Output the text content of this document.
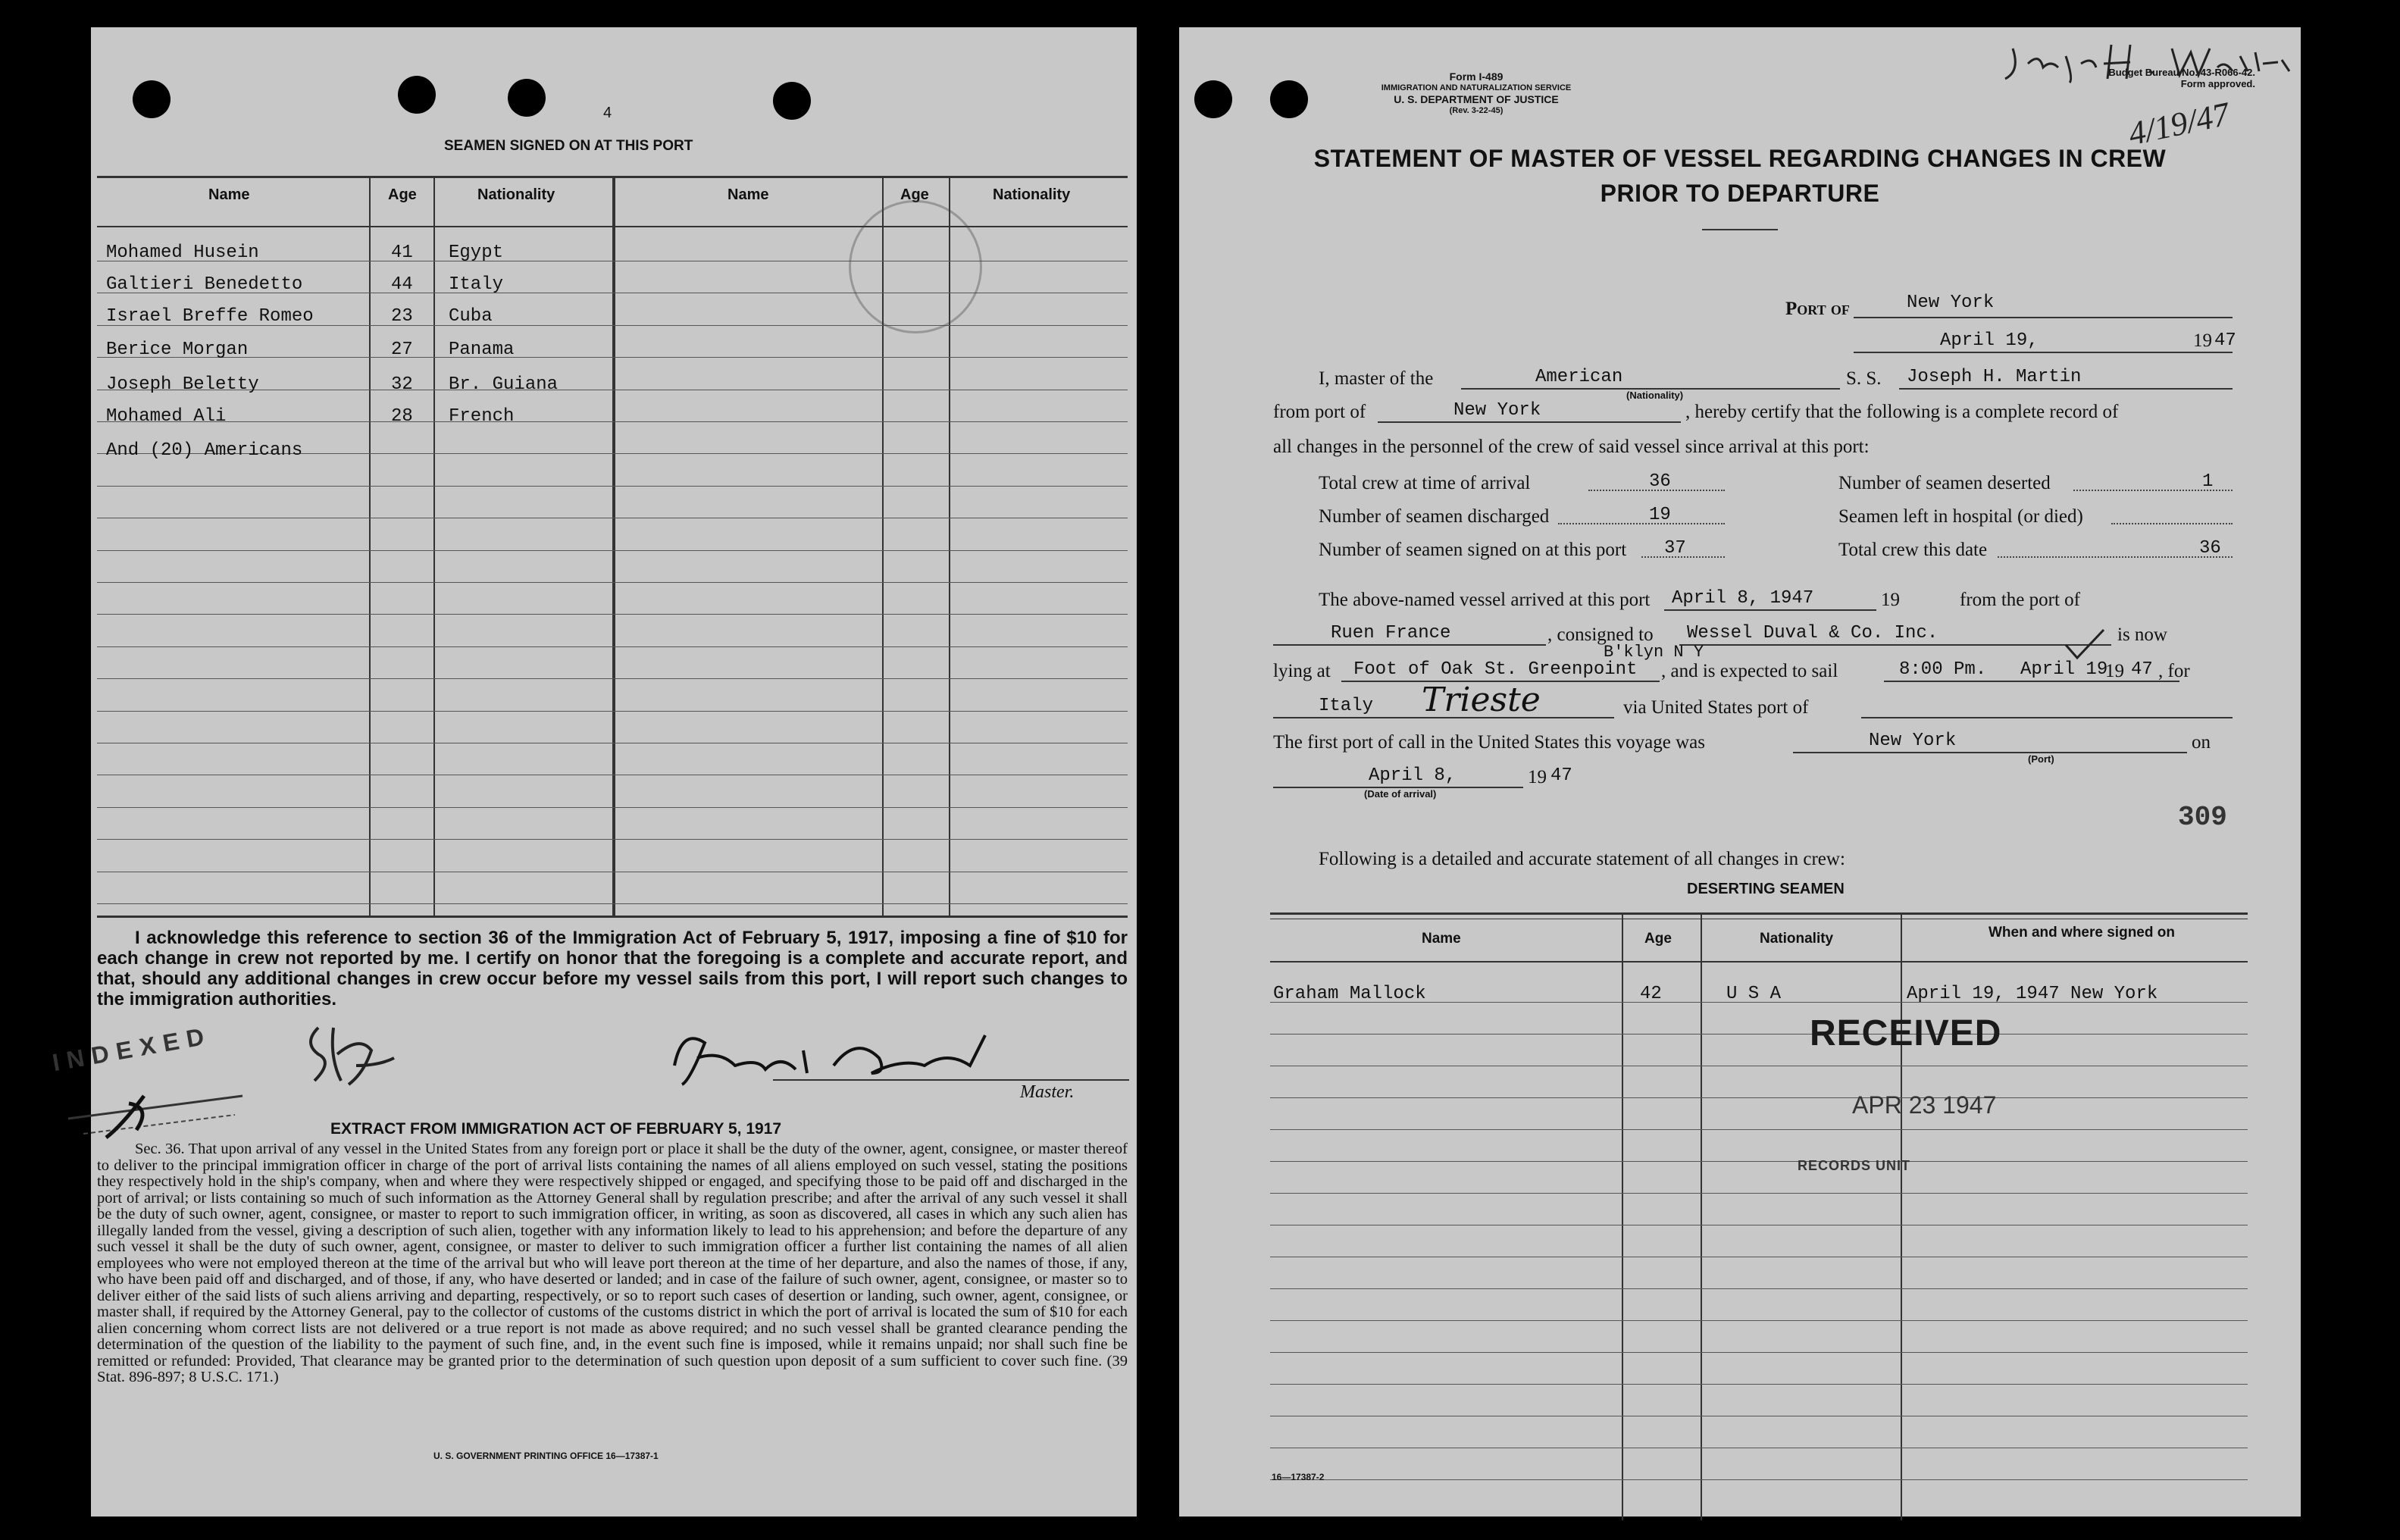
4
SEAMEN SIGNED ON AT THIS PORT
Name	Age	Nationality	Name	Age	Nationality
Mohamed Husein	41 Egypt
Galtieri Benedetto	44 Italy
Israel Breffe Romeo	23 Cuba
Berice Morgan	27 Panama
Joseph Beletty	32 Br. Guiana
Mohamed Ali	28 French
And (20) Americans
I acknowledge this reference to section 36 of the Immigration Act of February 5, 1917, imposing a fine of $10 for each change in crew not reported by me. I certify on honor that the foregoing is a complete and accurate report, and that, should any additional changes in crew occur before my vessel sails from this port, I will report such changes to the immigration authorities.
INDEXED
Master.
EXTRACT FROM IMMIGRATION ACT OF FEBRUARY 5, 1917
Sec. 36. That upon arrival of any vessel in the United States from any foreign port or place it shall be the duty of the owner, agent, consignee, or master thereof to deliver to the principal immigration officer in charge of the port of arrival lists containing the names of all aliens employed on such vessel, stating the positions they respectively hold in the ship's company, when and where they were respectively shipped or engaged, and specifying those to be paid off and discharged in the port of arrival; or lists containing so much of such information as the Attorney General shall by regulation prescribe; and after the arrival of any such vessel it shall be the duty of such owner, agent, consignee, or master to report to such immigration officer, in writing, as soon as discovered, all cases in which any such alien has illegally landed from the vessel, giving a description of such alien, together with any information likely to lead to his apprehension; and before the departure of any such vessel it shall be the duty of such owner, agent, consignee, or master to deliver to such immigration officer a further list containing the names of all alien employees who were not employed thereon at the time of the arrival but who will leave port thereon at the time of her departure, and also the names of those, if any, who have been paid off and discharged, and of those, if any, who have deserted or landed; and in case of the failure of such owner, agent, consignee, or master so to deliver either of the said lists of such aliens arriving and departing, respectively, or so to report such cases of desertion or landing, such owner, agent, consignee, or master shall, if required by the Attorney General, pay to the collector of customs of the customs district in which the port of arrival is located the sum of $10 for each alien concerning whom correct lists are not delivered or a true report is not made as above required; and no such vessel shall be granted clearance pending the determination of the question of the liability to the payment of such fine, and, in the event such fine is imposed, while it remains unpaid; nor shall such fine be remitted or refunded: Provided, That clearance may be granted prior to the determination of such question upon deposit of a sum sufficient to cover such fine. (39 Stat. 896-897; 8 U.S.C. 171.)
U. S. GOVERNMENT PRINTING OFFICE 16—17387-1
Form I-489
IMMIGRATION AND NATURALIZATION SERVICE
U. S. DEPARTMENT OF JUSTICE
(Rev. 3-22-45)
Budget Bureau No. 43-R066-42.
Form approved.
4/19/47
STATEMENT OF MASTER OF VESSEL REGARDING CHANGES IN CREW
PRIOR TO DEPARTURE
Port of	New York
April 19,	19 47
I, master of the	American
(Nationality)
S. S. Joseph H. Martin
from port of	New York	, hereby certify that the following is a complete record of
all changes in the personnel of the crew of said vessel since arrival at this port:
Total crew at time of arrival	36
Number of seamen discharged	19
Number of seamen signed on at this port 37
Number of seamen deserted	1
Seamen left in hospital (or died)
Total crew this date	36
The above-named vessel arrived at this port April 8, 1947	19	from the port of
Ruen France	, consigned to Wessel Duval & Co. Inc.	is now
lying at Foot of Oak St. Greenpoint
B'klyn N Y
, and is expected to sail	8:00 Pm. April 19
19 47 , for
Italy Trieste	via United States port of
The first port of call in the United States this voyage was	New York
(Port)
on
April 8,	19 47
(Date of arrival)
309
Following is a detailed and accurate statement of all changes in crew:
DESERTING SEAMEN
Name	Age	Nationality	When and where signed on
Graham Mallock	42	U S A	April 19, 1947 New York
RECEIVED
APR 23 1947
RECORDS UNIT
16—17387-2
